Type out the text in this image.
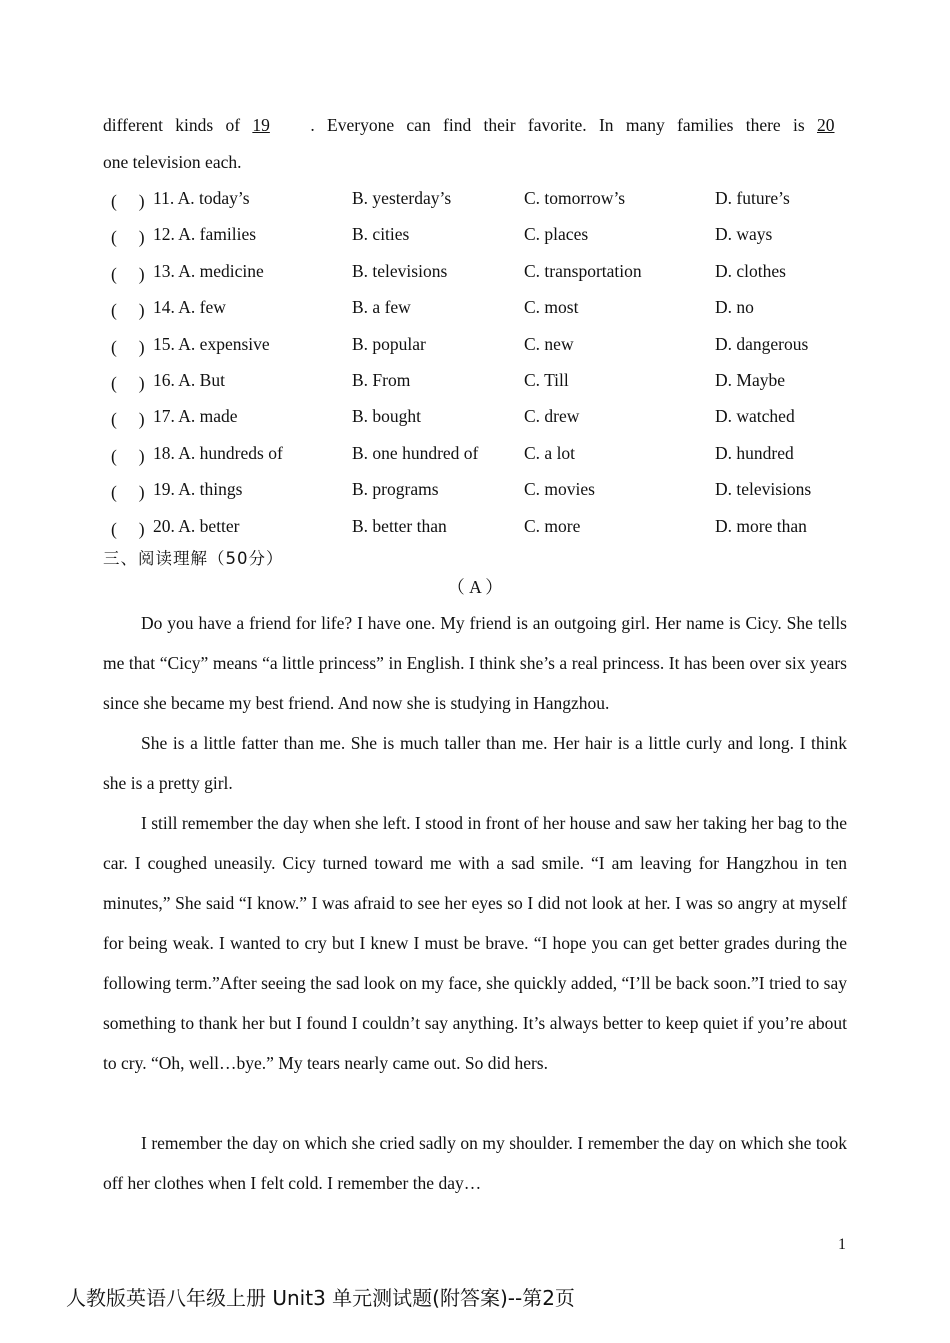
different kinds of 19 . Everyone can find their favorite. In many families there is 20
one television each.
(　 ) 11. A. today’s	B. yesterday’s	C. tomorrow’s	D. future’s
(　 ) 12. A. families	B. cities	C. places	D. ways
(　 ) 13. A. medicine	B. televisions	C. transportation	D. clothes
(　 ) 14. A. few	B. a few	C. most	D. no
(　 ) 15. A. expensive	B. popular	C. new	D. dangerous
(　 ) 16. A. But	B. From	C. Till	D. Maybe
(　 ) 17. A. made	B. bought	C. drew	D. watched
(　 ) 18. A. hundreds of	B. one hundred of	C. a lot	D. hundred
(　 ) 19. A. things	B. programs	C. movies	D. televisions
(　 ) 20. A. better	B. better than	C. more	D. more than
三、阅读理解（50分）
（ A ）

Do you have a friend for life? I have one. My friend is an outgoing girl. Her name is Cicy. She tells me that “Cicy” means “a little princess” in English. I think she’s a real princess. It has been over six years since she became my best friend. And now she is studying in Hangzhou.

She is a little fatter than me. She is much taller than me. Her hair is a little curly and long. I think she is a pretty girl.

I still remember the day when she left. I stood in front of her house and saw her taking her bag to the car. I coughed uneasily. Cicy turned toward me with a sad smile. “I am leaving for Hangzhou in ten minutes,” She said “I know.” I was afraid to see her eyes so I did not look at her. I was so angry at myself for being weak. I wanted to cry but I knew I must be brave. “I hope you can get better grades during the following term.”After seeing the sad look on my face, she quickly added, “I’ll be back soon.”I tried to say something to thank her but I found I couldn’t say anything. It’s always better to keep quiet if you’re about to cry. “Oh, well…bye.” My tears nearly came out. So did hers.

I remember the day on which she cried sadly on my shoulder. I remember the day on which she took off her clothes when I felt cold. I remember the day…

1
人教版英语八年级上册 Unit3 单元测试题(附答案)--第2页
